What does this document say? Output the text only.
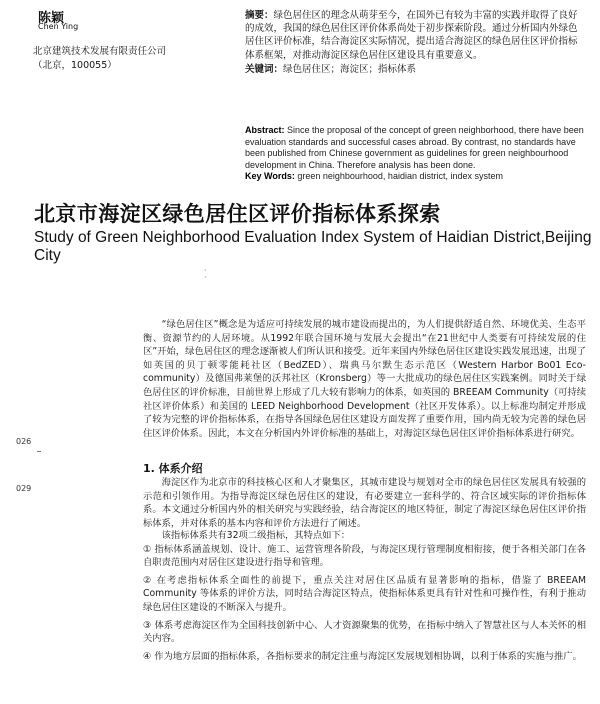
陈颖
Chen Ying
北京建筑技术发展有限责任公司
（北京，100055）
摘要：绿色居住区的理念从萌芽至今，在国外已有较为丰富的实践并取得了良好的成效，我国的绿色居住区评价体系尚处于初步探索阶段。通过分析国内外绿色居住区评价标准，结合海淀区实际情况，提出适合海淀区的绿色居住区评价指标体系框架，对推动海淀区绿色居住区建设具有重要意义。
关键词：绿色居住区；海淀区；指标体系
Abstract: Since the proposal of the concept of green neighborhood, there have been evaluation standards and successful cases abroad. By contrast, no standards have been published from Chinese government as guidelines for green neighbourhood development in China. Therefore analysis has been done.
Key Words: green neighbourhood, haidian district, index system
北京市海淀区绿色居住区评价指标体系探索
Study of Green Neighborhood Evaluation Index System of Haidian District,Beijing City
·
·
“绿色居住区”概念是为适应可持续发展的城市建设而提出的，为人们提供舒适自然、环境优美、生态平衡、资源节约的人居环境。从1992年联合国环境与发展大会提出“在21世纪中人类要有可持续发展的住区”开始，绿色居住区的理念逐渐被人们所认识和接受。近年来国内外绿色居住区建设实践发展迅速，出现了如英国的贝丁顿零能耗社区（BedZED）、瑞典马尔默生态示范区（Western Harbor Bo01 Eco-community）及德国弗莱堡的沃邦社区（Kronsberg）等一大批成功的绿色居住区实践案例。同时关于绿色居住区的评价标准，目前世界上形成了几大较有影响力的体系，如英国的 BREEAM Community（可持续社区评价体系）和美国的 LEED Neighborhood Development（社区开发体系）。以上标准均制定并形成了较为完整的评价指标体系，在指导各国绿色居住区建设方面发挥了重要作用，国内尚无较为完善的绿色居住区评价体系。因此，本文在分析国内外评价标准的基础上，对海淀区绿色居住区评价指标体系进行研究。
026
029
1. 体系介绍
海淀区作为北京市的科技核心区和人才聚集区，其城市建设与规划对全市的绿色居住区发展具有较强的示范和引领作用。为指导海淀区绿色居住区的建设，有必要建立一套科学的、符合区域实际的评价指标体系。本文通过分析国内外的相关研究与实践经验，结合海淀区的地区特征，制定了海淀区绿色居住区评价指标体系，并对体系的基本内容和评价方法进行了阐述。
该指标体系共有32项二级指标，其特点如下：
① 指标体系涵盖规划、设计、施工、运营管理各阶段，与海淀区现行管理制度相衔接，便于各相关部门在各自职责范围内对居住区建设进行指导和管理。
② 在考虑指标体系全面性的前提下，重点关注对居住区品质有显著影响的指标，借鉴了 BREEAM Community 等体系的评价方法，同时结合海淀区特点，使指标体系更具有针对性和可操作性，有利于推动绿色居住区建设的不断深入与提升。
③ 体系考虑海淀区作为全国科技创新中心、人才资源聚集的优势，在指标中纳入了智慧社区与人本关怀的相关内容。
④ 作为地方层面的指标体系，各指标要求的制定注重与海淀区发展规划相协调，以利于体系的实施与推广。
